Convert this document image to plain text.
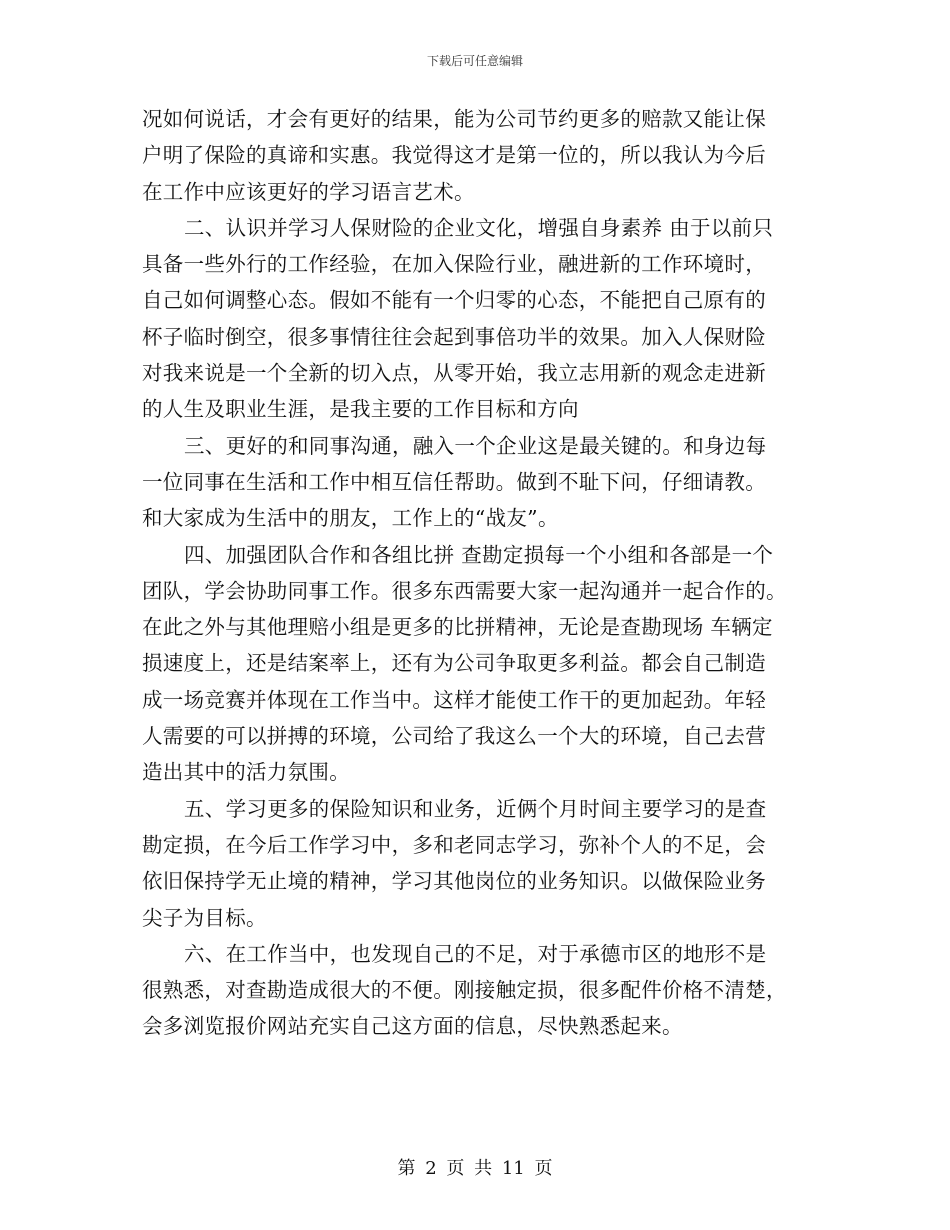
下载后可任意编辑
况如何说话，才会有更好的结果，能为公司节约更多的赔款又能让保
户明了保险的真谛和实惠。我觉得这才是第一位的，所以我认为今后
在工作中应该更好的学习语言艺术。
二、认识并学习人保财险的企业文化，增强自身素养 由于以前只
具备一些外行的工作经验，在加入保险行业，融进新的工作环境时，
自己如何调整心态。假如不能有一个归零的心态，不能把自己原有的
杯子临时倒空，很多事情往往会起到事倍功半的效果。加入人保财险
对我来说是一个全新的切入点，从零开始，我立志用新的观念走进新
的人生及职业生涯，是我主要的工作目标和方向
三、更好的和同事沟通，融入一个企业这是最关键的。和身边每
一位同事在生活和工作中相互信任帮助。做到不耻下问，仔细请教。
和大家成为生活中的朋友，工作上的“战友”。
四、加强团队合作和各组比拼 查勘定损每一个小组和各部是一个
团队，学会协助同事工作。很多东西需要大家一起沟通并一起合作的。
在此之外与其他理赔小组是更多的比拼精神，无论是查勘现场 车辆定
损速度上，还是结案率上，还有为公司争取更多利益。都会自己制造
成一场竞赛并体现在工作当中。这样才能使工作干的更加起劲。年轻
人需要的可以拼搏的环境，公司给了我这么一个大的环境，自己去营
造出其中的活力氛围。
五、学习更多的保险知识和业务，近俩个月时间主要学习的是查
勘定损，在今后工作学习中，多和老同志学习，弥补个人的不足，会
依旧保持学无止境的精神，学习其他岗位的业务知识。以做保险业务
尖子为目标。
六、在工作当中，也发现自己的不足，对于承德市区的地形不是
很熟悉，对查勘造成很大的不便。刚接触定损，很多配件价格不清楚，
会多浏览报价网站充实自己这方面的信息，尽快熟悉起来。
第 2 页 共 11 页
